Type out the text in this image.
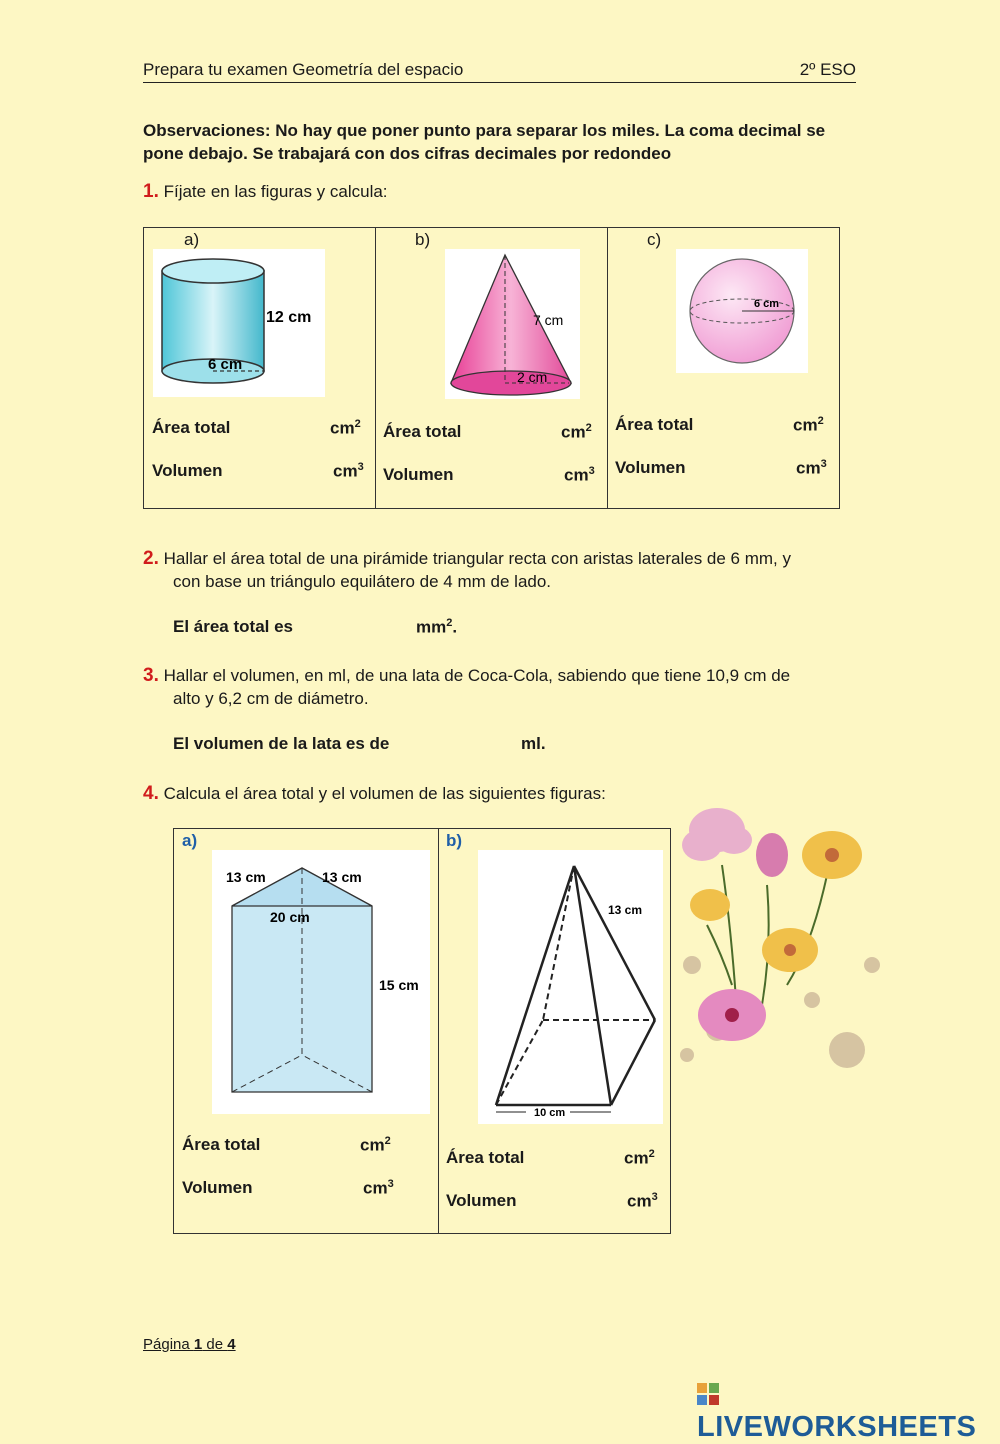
Prepara tu examen Geometría del espacio	2º ESO
Observaciones: No hay que poner punto para separar los miles. La coma decimal se pone debajo. Se trabajará con dos cifras decimales por redondeo
1. Fíjate en las figuras y calcula:
a)
12 cm
6 cm
Área total	$cm^2$
Volumen	$cm^3$
b)
7 cm
2 cm
Área total	$cm^2$
Volumen	$cm^3$
c)
6 cm
Área total	$cm^2$
Volumen	$cm^3$
2. Hallar el área total de una pirámide triangular recta con aristas laterales de 6 mm, y
con base un triángulo equilátero de 4 mm de lado.
El área total es	$mm^2$.
3. Hallar el volumen, en ml, de una lata de Coca-Cola, sabiendo que tiene 10,9 cm de
alto y 6,2 cm de diámetro.
El volumen de la lata es de	ml.
4. Calcula el área total y el volumen de las siguientes figuras:
a)
13 cm	13 cm
20 cm
15 cm
Área total	$cm^2$
Volumen	$cm^3$
b)
13 cm
10 cm
Área total	$cm^2$
Volumen	$cm^3$
Página 1 de 4
LIVEWORKSHEETS
